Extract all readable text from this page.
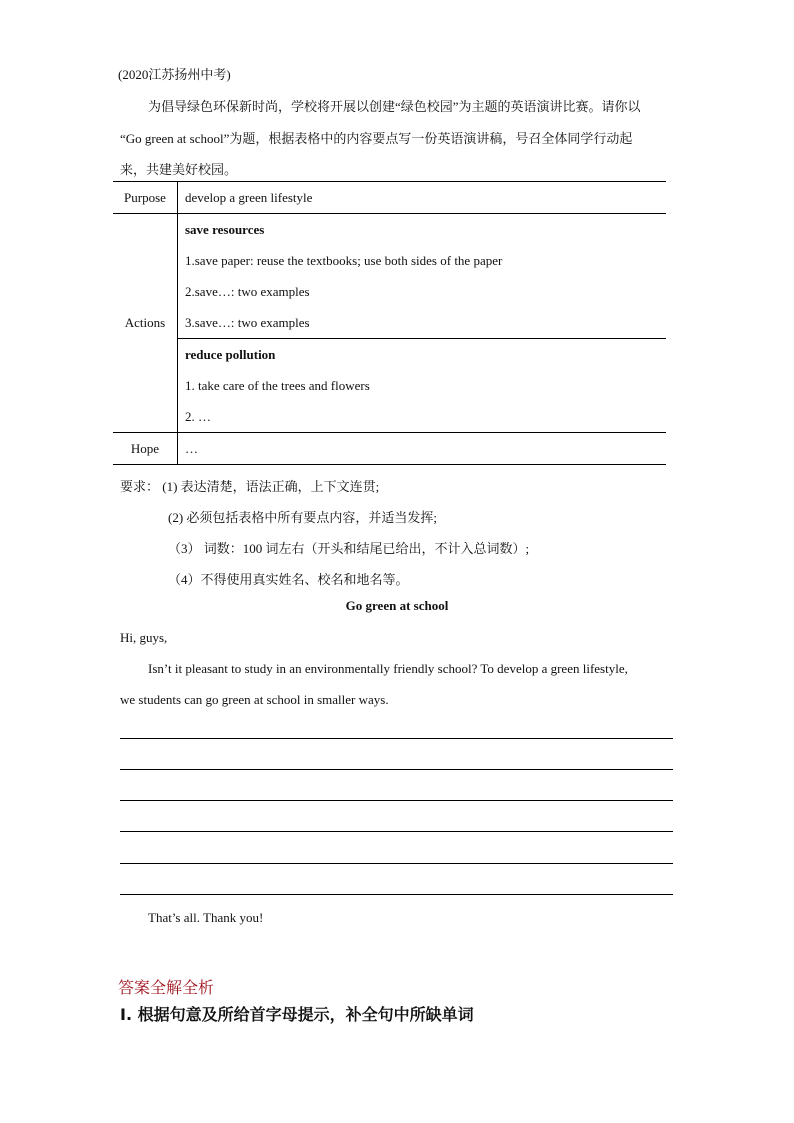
(2020江苏扬州中考)
为倡导绿色环保新时尚，学校将开展以创建“绿色校园”为主题的英语演讲比赛。请你以
“Go green at school”为题，根据表格中的内容要点写一份英语演讲稿，号召全体同学行动起
来，共建美好校园。
Purpose	develop a green lifestyle
Actions	save resources
1.save paper: reuse the textbooks; use both sides of the paper
2.save…: two examples
3.save…: two examples

	reduce pollution
1. take care of the trees and flowers
2. …

Hope	…
要求： (1) 表达清楚，语法正确，上下文连贯;
(2) 必须包括表格中所有要点内容，并适当发挥;
（3） 词数：100 词左右（开头和结尾已给出，不计入总词数）;
（4）不得使用真实姓名、校名和地名等。
Go green at school
Hi, guys,
Isn’t it pleasant to study in an environmentally friendly school? To develop a green lifestyle,
we students can go green at school in smaller ways.
That’s all. Thank you!
答案全解全析
Ⅰ. 根据句意及所给首字母提示，补全句中所缺单词
